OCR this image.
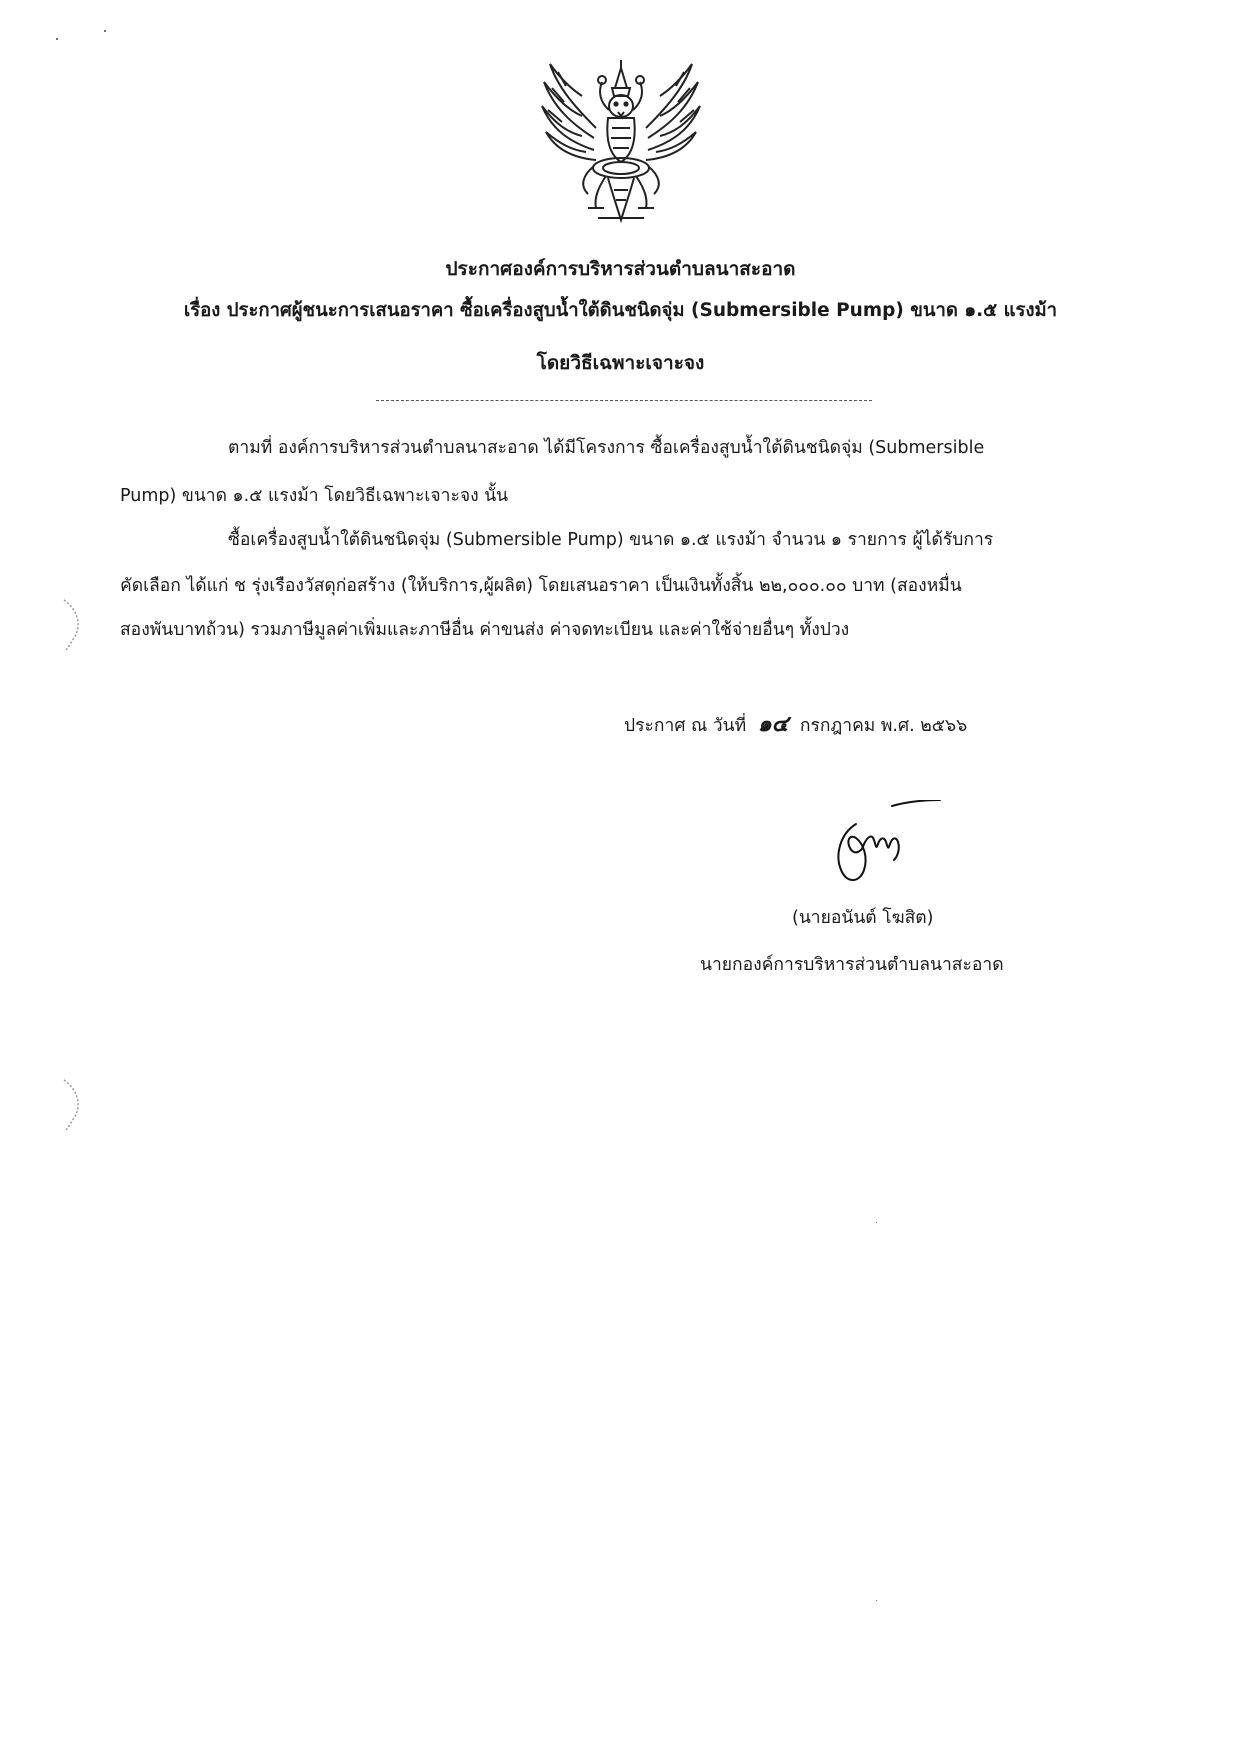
ประกาศองค์การบริหารส่วนตำบลนาสะอาด
เรื่อง ประกาศผู้ชนะการเสนอราคา ซื้อเครื่องสูบน้ำใต้ดินชนิดจุ่ม (Submersible Pump) ขนาด ๑.๕ แรงม้า
โดยวิธีเฉพาะเจาะจง
ตามที่ องค์การบริหารส่วนตำบลนาสะอาด ได้มีโครงการ ซื้อเครื่องสูบน้ำใต้ดินชนิดจุ่ม (Submersible
Pump) ขนาด ๑.๕ แรงม้า โดยวิธีเฉพาะเจาะจง นั้น
ซื้อเครื่องสูบน้ำใต้ดินชนิดจุ่ม (Submersible Pump) ขนาด ๑.๕ แรงม้า จำนวน ๑ รายการ ผู้ได้รับการ
คัดเลือก ได้แก่ ช รุ่งเรืองวัสดุก่อสร้าง (ให้บริการ,ผู้ผลิต) โดยเสนอราคา เป็นเงินทั้งสิ้น ๒๒,๐๐๐.๐๐ บาท (สองหมื่น
สองพันบาทถ้วน) รวมภาษีมูลค่าเพิ่มและภาษีอื่น ค่าขนส่ง ค่าจดทะเบียน และค่าใช้จ่ายอื่นๆ ทั้งปวง
ประกาศ ณ วันที่ ๑๔ กรกฎาคม พ.ศ. ๒๕๖๖
(นายอนันต์ โฆสิต)
นายกองค์การบริหารส่วนตำบลนาสะอาด
